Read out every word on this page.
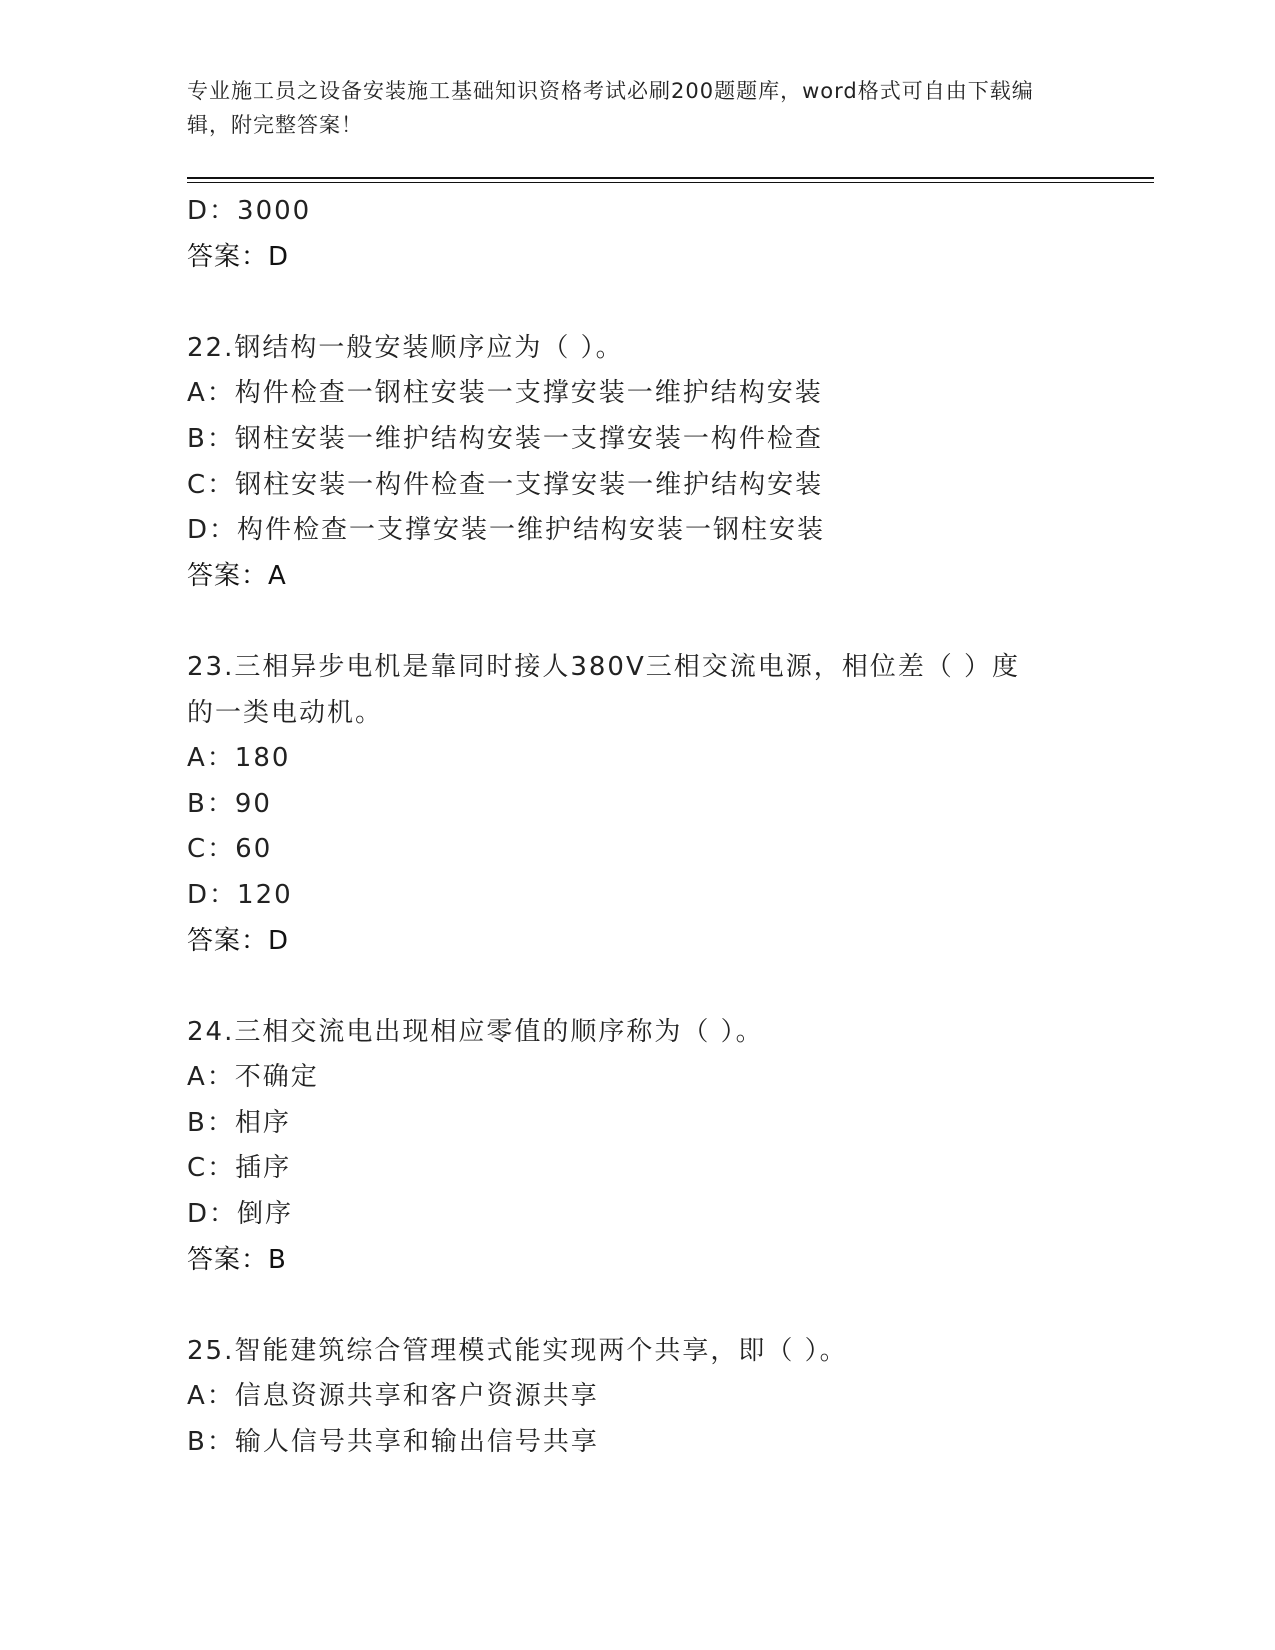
专业施工员之设备安装施工基础知识资格考试必刷200题题库，word格式可自由下载编辑，附完整答案！
D：3000
答案：D
22.钢结构一般安装顺序应为（ ）。
A：构件检查一钢柱安装一支撑安装一维护结构安装
B：钢柱安装一维护结构安装一支撑安装一构件检查
C：钢柱安装一构件检查一支撑安装一维护结构安装
D：构件检查一支撑安装一维护结构安装一钢柱安装
答案：A
23.三相异步电机是靠同时接人380V三相交流电源，相位差（ ）度的一类电动机。
A：180
B：90
C：60
D：120
答案：D
24.三相交流电出现相应零值的顺序称为（ ）。
A：不确定
B：相序
C：插序
D：倒序
答案：B
25.智能建筑综合管理模式能实现两个共享，即（ ）。
A：信息资源共享和客户资源共享
B：输人信号共享和输出信号共享
